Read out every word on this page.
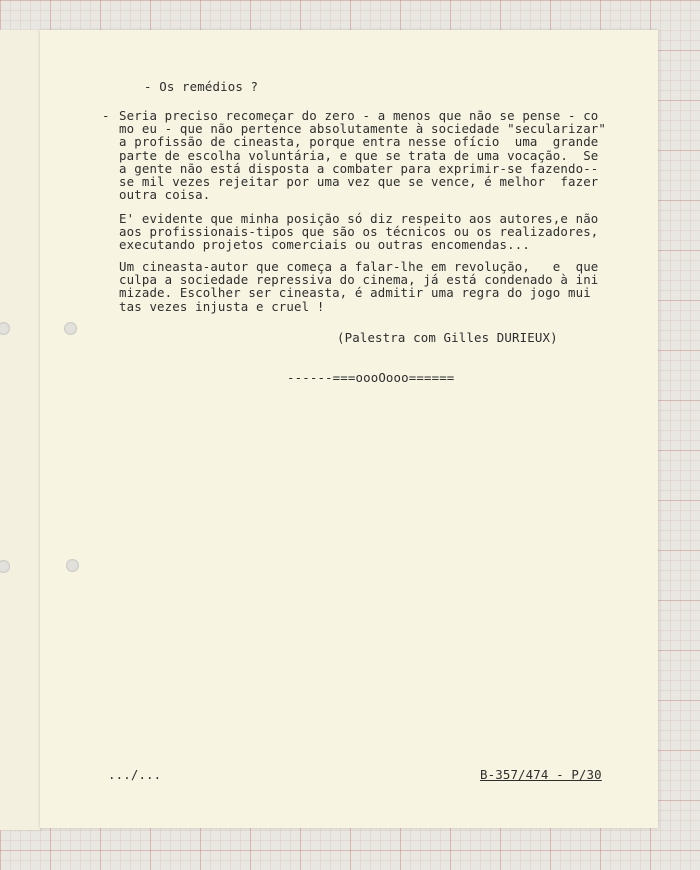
- Os remédios ?
- Seria preciso recomeçar do zero - a menos que não se pense - co
mo eu - que não pertence absolutamente à sociedade "secularizar"
a profissão de cineasta, porque entra nesse ofício  uma  grande
parte de escolha voluntária, e que se trata de uma vocação.  Se
a gente não está disposta a combater para exprimir-se fazendo--
se mil vezes rejeitar por uma vez que se vence, é melhor  fazer
outra coisa.
E' evidente que minha posição só diz respeito aos autores,e não
aos profissionais-tipos que são os técnicos ou os realizadores,
executando projetos comerciais ou outras encomendas...
Um cineasta-autor que começa a falar-lhe em revolução,   e  que
culpa a sociedade repressiva do cinema, já está condenado à ini
mizade. Escolher ser cineasta, é admitir uma regra do jogo mui
tas vezes injusta e cruel !
(Palestra com Gilles DURIEUX)
------===oooOooo======
.../...	B-357/474 - P/30
